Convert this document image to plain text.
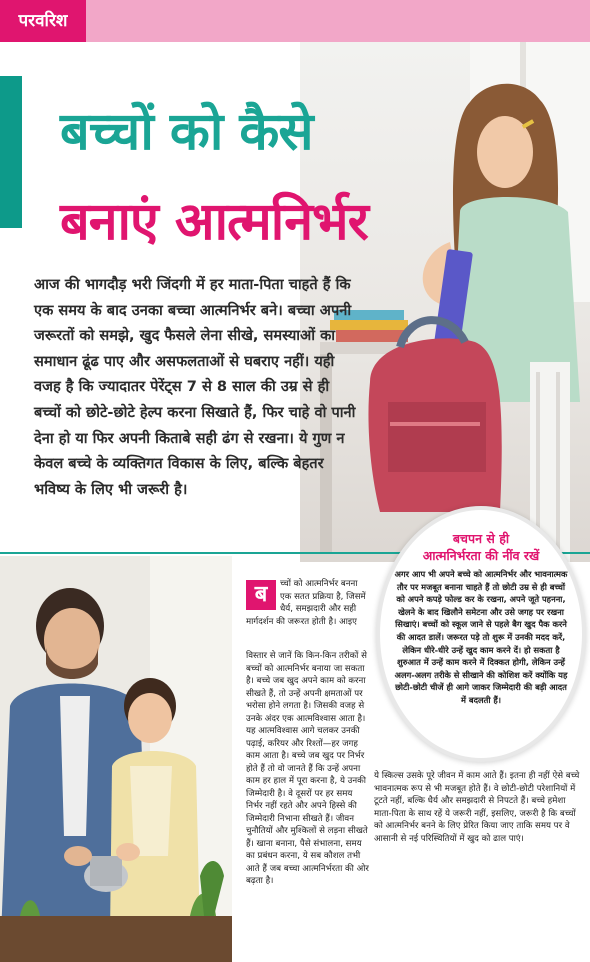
परवरिश
बच्चों को कैसे
बनाएं आत्मनिर्भर
आज की भागदौड़ भरी जिंदगी में हर माता-पिता चाहते हैं कि एक समय के बाद उनका बच्चा आत्मनिर्भर बने। बच्चा अपनी जरूरतों को समझे, खुद फैसले लेना सीखे, समस्याओं का समाधान ढूंढ पाए और असफलताओं से घबराए नहीं। यही वजह है कि ज्यादातर पेरेंट्स 7 से 8 साल की उम्र से ही बच्चों को छोटे-छोटे हेल्प करना सिखाते हैं, फिर चाहे वो पानी देना हो या फिर अपनी किताबे सही ढंग से रखना। ये गुण न केवल बच्चे के व्यक्तिगत विकास के लिए, बल्कि बेहतर भविष्य के लिए भी जरूरी है।
ब	च्चों को आत्मनिर्भर बनना एक सतत प्रक्रिया है, जिसमें धैर्य, समझदारी और सही मार्गदर्शन की जरूरत होती है। आइए
विस्तार से जानें कि किन-किन तरीकों से बच्चों को आत्मनिर्भर बनाया जा सकता है। बच्चे जब खुद अपने काम को करना सीखते हैं, तो उन्हें अपनी क्षमताओं पर भरोसा होने लगता है। जिसकी वजह से उनके अंदर एक आत्मविश्वास आता है। यह आत्मविश्वास आगे चलकर उनकी पढ़ाई, करियर और रिश्तों—हर जगह काम आता है। बच्चे जब खुद पर निर्भर होते हैं तो वो जानते हैं कि उन्हें अपना काम हर हाल में पूरा करना है, ये उनकी जिम्मेदारी है। वे दूसरों पर हर समय निर्भर नहीं रहते और अपने हिस्से की जिम्मेदारी निभाना सीखते हैं। जीवन चुनौतियों और मुश्किलों से लड़ना सीखते हैं। खाना बनाना, पैसे संभालना, समय का प्रबंधन करना, ये सब कौशल तभी आते हैं जब बच्चा आत्मनिर्भरता की ओर बढ़ता है।
बचपन से ही
आत्मनिर्भरता की नींव रखें
अगर आप भी अपने बच्चे को आत्मनिर्भर और भावनात्मक तौर पर मजबूत बनाना चाहते हैं तो छोटी उम्र से ही बच्चों को अपने कपड़े फोल्ड कर के रखना, अपने जूते पहनना, खेलने के बाद खिलौने समेटना और उसे जगह पर रखना सिखाएं। बच्चों को स्कूल जाने से पहले बैग खुद पैक करने की आदत डालें। जरूरत पड़े तो शुरू में उनकी मदद करें, लेकिन धीरे-धीरे उन्हें खुद काम करने दें। हो सकता है शुरुआत में उन्हें काम करने में दिक्कत होगी, लेकिन उन्हें अलग-अलग तरीके से सीखाने की कोशिश करें क्योंकि यह छोटी-छोटी चीजें ही आगे जाकर जिम्मेदारी की बड़ी आदत में बदलती हैं।
ये स्किल्स उसके पूरे जीवन में काम आते हैं। इतना ही नहीं ऐसे बच्चे भावनात्मक रूप से भी मजबूत होते हैं। वे छोटी-छोटी परेशानियों में टूटते नहीं, बल्कि धैर्य और समझदारी से निपटते हैं। बच्चे हमेशा माता-पिता के साथ रहें ये जरूरी नहीं, इसलिए, जरूरी है कि बच्चों को आत्मनिर्भर बनने के लिए प्रेरित किया जाए ताकि समय पर वे आसानी से नई परिस्थितियों में खुद को ढाल पाएं।
